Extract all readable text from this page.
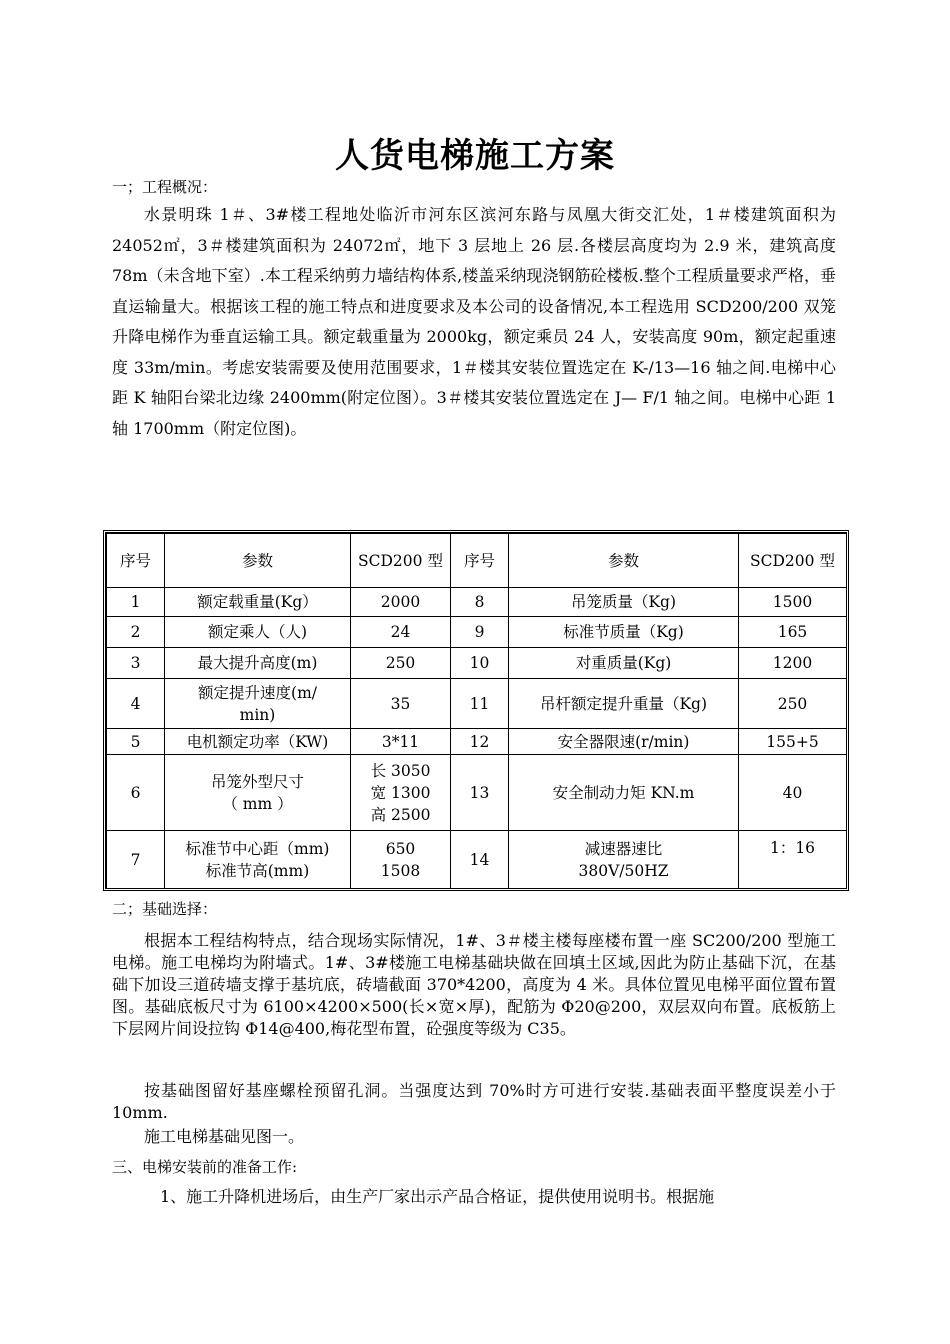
人货电梯施工方案
一；工程概况：

水景明珠 1＃、3#楼工程地处临沂市河东区滨河东路与凤凰大街交汇处，1＃楼建筑面积为 24052㎡，3＃楼建筑面积为 24072㎡，地下 3 层地上 26 层.各楼层高度均为 2.9 米，建筑高度 78m（未含地下室）.本工程采纳剪力墙结构体系,楼盖采纳现浇钢筋砼楼板.整个工程质量要求严格，垂直运输量大。根据该工程的施工特点和进度要求及本公司的设备情况,本工程选用 SCD200/200 双笼升降电梯作为垂直运输工具。额定载重量为 2000kg，额定乘员 24 人，安装高度 90m，额定起重速度 33m/min。考虑安装需要及使用范围要求，1＃楼其安装位置选定在 K-/13—16 轴之间.电梯中心距 K 轴阳台梁北边缘 2400mm(附定位图）。3＃楼其安装位置选定在 J— F/1 轴之间。电梯中心距 1 轴 1700mm（附定位图)。

序号	参数	SCD200 型	序号	参数	SCD200 型
1	额定载重量(Kg）	2000	8	吊笼质量（Kg)	1500
2	额定乘人（人)	24	9	标准节质量（Kg)	165
3	最大提升高度(m)	250	10	对重质量(Kg)	1200
4	额定提升速度(m/
min)	35	11	吊杆额定提升重量（Kg)	250
5	电机额定功率（KW)	3*11	12	安全器限速(r/min)	155+5
6	吊笼外型尺寸
（ mm ）	长 3050
宽 1300
高 2500	13	安全制动力矩 KN.m	40
7	标准节中心距（mm)
标准节高(mm)	650
1508	14	减速器速比
380V/50HZ	1：16
二；基础选择：

根据本工程结构特点，结合现场实际情况，1#、3＃楼主楼每座楼布置一座 SC200/200 型施工电梯。施工电梯均为附墙式。1#、3#楼施工电梯基础块做在回填土区域,因此为防止基础下沉，在基础下加设三道砖墙支撑于基坑底，砖墙截面 370*4200，高度为 4 米。具体位置见电梯平面位置布置图。基础底板尺寸为 6100×4200×500(长×宽×厚)，配筋为 Φ20@200，双层双向布置。底板筋上下层网片间设拉钩 Φ14@400,梅花型布置，砼强度等级为 C35。

按基础图留好基座螺栓预留孔洞。当强度达到 70%时方可进行安装.基础表面平整度误差小于 10mm.

施工电梯基础见图一。

三、电梯安装前的准备工作:

1、施工升降机进场后，由生产厂家出示产品合格证，提供使用说明书。根据施
